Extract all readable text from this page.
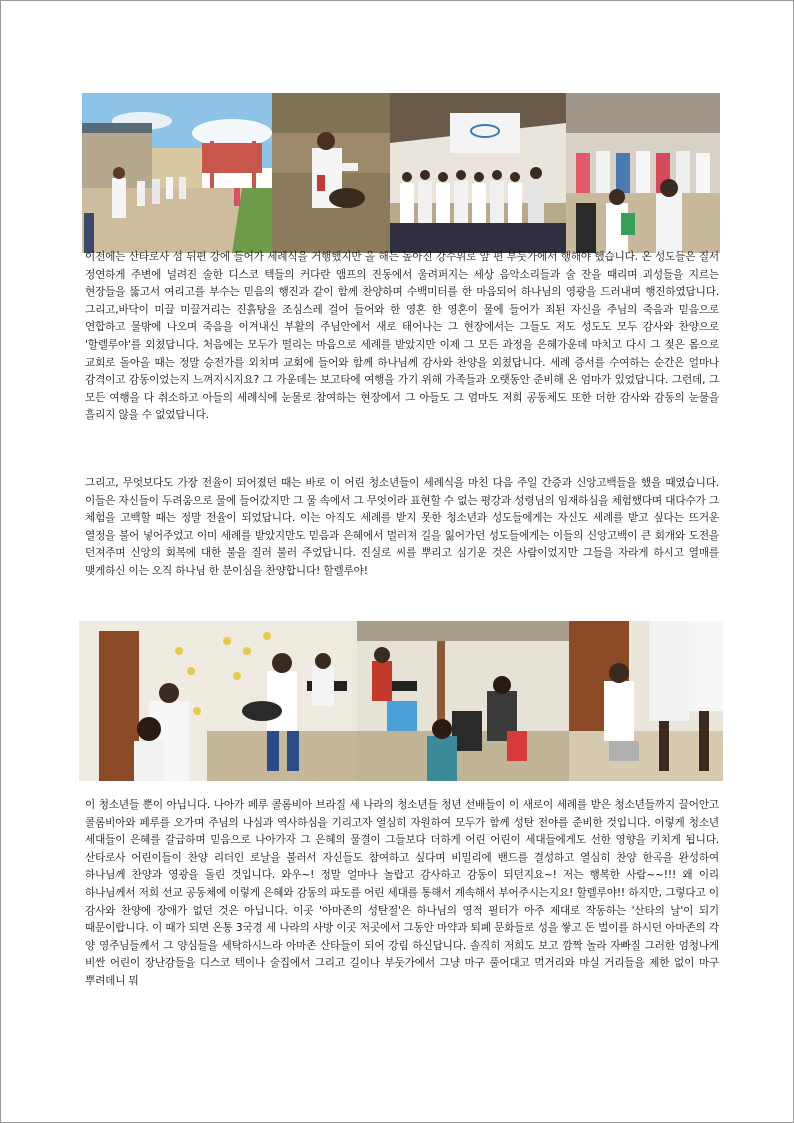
이전에는 산타로사 섬 뒤편 강에 들어가 세례식을 거행했지만 올 해는 높아진 강수위로 앞 편 부둣가에서 행해야 했습니다. 온 성도들은 질서 정연하게 주변에 널려진 술한 디스코 텍들의 커다란 앰프의 진동에서 울려퍼지는 세상 음악소리들과 술 잔을 때리며 괴성들을 지르는 현장들을 뚫고서 여리고를 부수는 믿음의 행진과 같이 함께 찬양하며 수백미터를 한 마음되어 하나님의 영광을 드러내며 행진하였답니다. 그리고,바닥이 미끌 미끌거리는 진흙탕을 조심스레 걸어 들어와 한 영혼 한 영혼이 물에 들어가 죄된 자신을 주님의 죽음과 믿음으로 연합하고 물밖에 나오며 죽음을 이겨내신 부활의 주님안에서 새로 태어나는 그 현장에서는 그들도 저도 성도도 모두 감사와 찬양으로 '할렐루야'를 외쳤답니다. 처음에는 모두가 떨리는 마음으로 세례를 받았지만 이제 그 모든 과정을 은혜가운데 마치고 다시 그 젖은 몸으로 교회로 돌아올 때는 정말 승전가를 외치며 교회에 들어와 함께 하나님께 감사와 찬양을 외쳤답니다. 세례 증서를 수여하는 순간은 얼마나 감격이고 감동이었는지 느껴지시지요? 그 가운데는 보고타에 여행을 가기 위해 가족들과 오랫동안 준비해 온 엄마가 있었답니다. 그런데, 그 모든 여행을 다 취소하고 아들의 세례식에 눈물로 참여하는 현장에서 그 아들도 그 엄마도 저희 공동체도 또한 더한 감사와 감동의 눈물을 흘리지 않을 수 없었답니다.

그리고, 무엇보다도 가장 전율이 되어졌던 때는 바로 이 어린 청소년들이 세례식을 마친 다음 주일 간증과 신앙고백들을 했을 때였습니다. 이들은 자신들이 두려움으로 물에 들어갔지만 그 물 속에서 그 무엇이라 표현할 수 없는 평강과 성령님의 임재하심을 체험했다며 대다수가 그 체험을 고백할 때는 정말 전율이 되었답니다. 이는 아직도 세례를 받지 못한 청소년과 성도들에게는 자신도 세례를 받고 싶다는 뜨거운 열정을 불어 넣어주었고 이미 세례를 받았지만도 믿음과 은혜에서 멀러져 길을 잃어가던 성도들에게는 이들의 신앙고백이 큰 회개와 도전을 던져주며 신앙의 회복에 대한 불을 질러 불러 주었답니다. 진실로 씨를 뿌리고 심기운 것은 사람이었지만 그들을 자라게 하시고 열매를 맺게하신 이는 오직 하나님 한 분이심을 찬양합니다! 할렐루야!

이 청소년들 뿐이 아닙니다. 나아가 페루 콜롬비아 브라질 세 나라의 청소년들 청년 선배들이 이 새로이 세례를 받은 청소년들까지 끌어안고 콜롬비아와 페루를 오가며 주님의 나심과 역사하심을 기리고자 열심히 자원하여 모두가 함께 성탄 전야를 준비한 것입니다. 이렇게 청소년 세대들이 은혜를 갈급하며 믿음으로 나아가자 그 은혜의 물결이 그들보다 더하게 어린 어린이 세대들에게도 선한 영향을 키치게 됩니다. 산타로사 어린이들이 찬양 리더인 로날을 불러서 자신들도 참여하고 싶다며 비밀리에 밴드를 결성하고 열심히 찬양 한곡을 완성하여 하나님께 찬양과 영광을 돌린 것입니다. 와우~! 정말 얼마나 놀랍고 감사하고 감동이 되던지요~! 저는 행복한 사람~~!!! 왜 이리 하나님께서 저희 선교 공동체에 이렇게 은혜와 감동의 파도를 어린 세대를 통해서 계속해서 부어주시는지요! 할렐루야!! 하지만, 그렇다고 이 감사와 찬양에 장애가 없던 것은 아닙니다. 이곳 '아마존의 성탄절'은 하나님의 영적 필터가 아주 제대로 작동하는 '산타의 날'이 되기 때문이랍니다. 이 때가 되면 온통 3국경 세 나라의 사방 이곳 저곳에서 그동안 마약과 퇴폐 문화들로 성을 쌓고 돈 벌이를 하시던 아마존의 각 양 영주님들께서 그 양심들을 세탁하시느라 아마존 산타들이 되어 강림 하신답니다. 솔직히 저희도 보고 깜짝 놀라 자빠질 그러한 엄청나게 비싼 어린이 장난감들을 디스코 텍이나 술집에서 그리고 길이나 부둣가에서 그냥 마구 풀어대고 먹거리와 마실 거리들을 제한 없이 마구 뿌려데니 뭐
